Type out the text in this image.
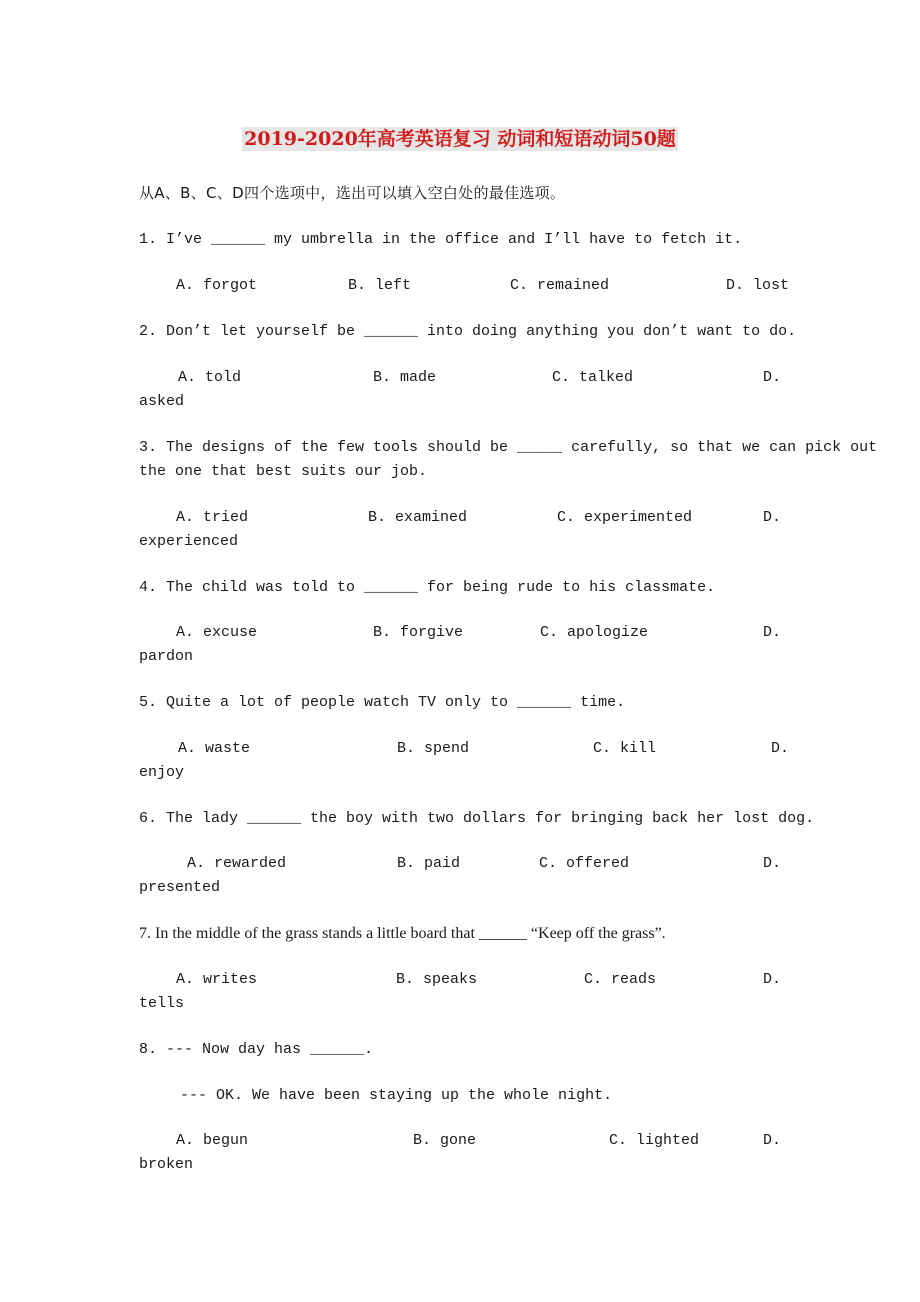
2019-2020年高考英语复习 动词和短语动词50题
从A、B、C、D四个选项中，选出可以填入空白处的最佳选项。
1. I’ve ______ my umbrella in the office and I’ll have to fetch it.
A. forgot	B. left	C. remained	D. lost
2. Don’t let yourself be ______ into doing anything you don’t want to do.
A. told	B. made	C. talked	D.
asked
3. The designs of the few tools should be _____ carefully, so that we can pick out
the one that best suits our job.
A. tried	B. examined	C. experimented	D.
experienced
4. The child was told to ______ for being rude to his classmate.
A. excuse	B. forgive	C. apologize	D.
pardon
5. Quite a lot of people watch TV only to ______ time.
A. waste	B. spend	C. kill	D.
enjoy
6. The lady ______ the boy with two dollars for bringing back her lost dog.
A. rewarded	B. paid	C. offered	D.
presented
7. In the middle of the grass stands a little board that ______ “Keep off the grass”.
A. writes	B. speaks	C. reads	D.
tells
8. --- Now day has ______.
--- OK. We have been staying up the whole night.
A. begun	B. gone	C. lighted	D.
broken
